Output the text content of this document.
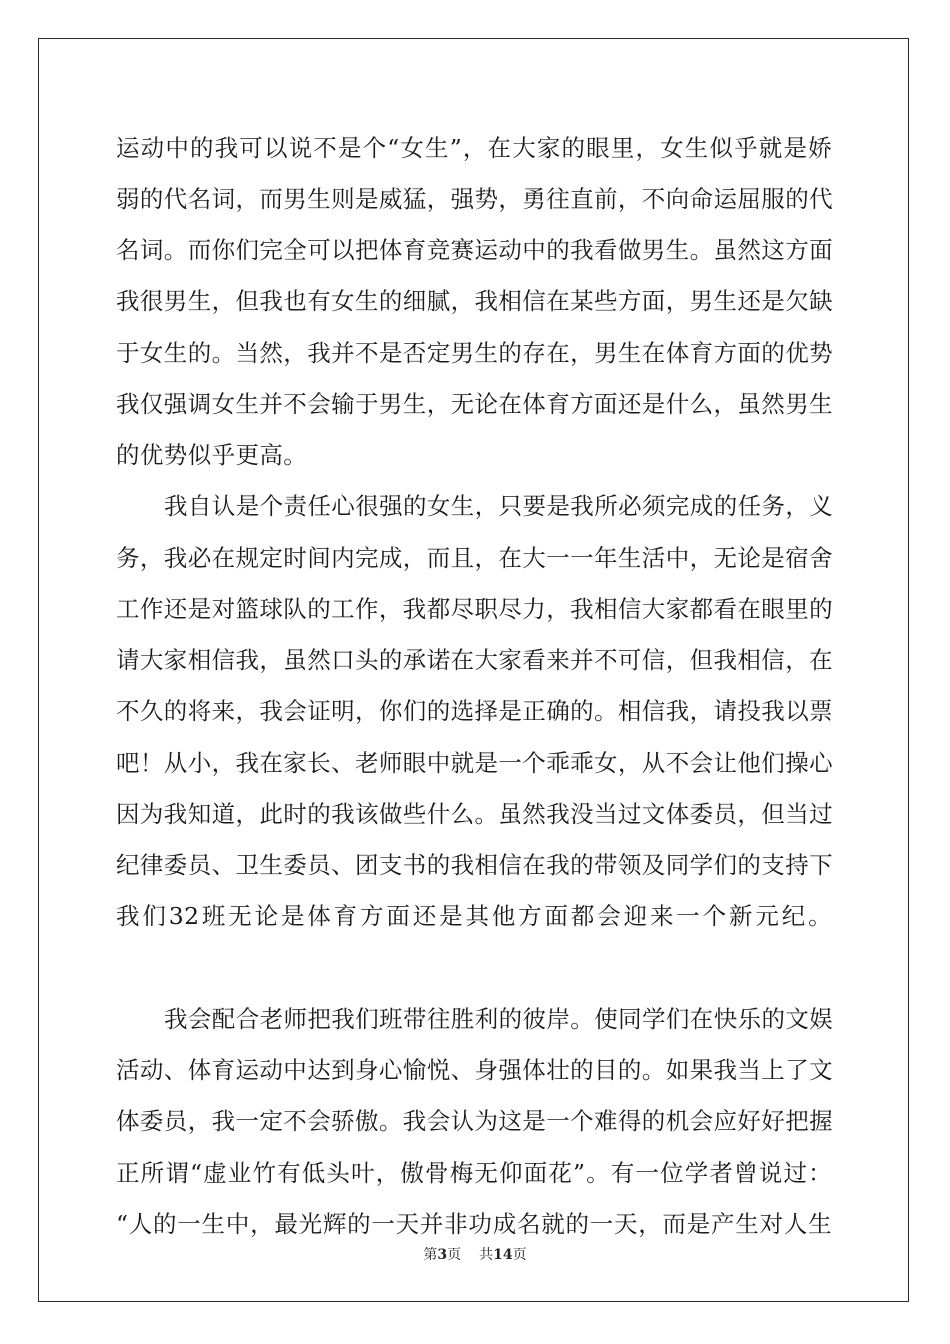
运动中的我可以说不是个“女生”，在大家的眼里，女生似乎就是娇

弱的代名词，而男生则是威猛，强势，勇往直前，不向命运屈服的代

名词。而你们完全可以把体育竞赛运动中的我看做男生。虽然这方面

我很男生，但我也有女生的细腻，我相信在某些方面，男生还是欠缺

于女生的。当然，我并不是否定男生的存在，男生在体育方面的优势

我仅强调女生并不会输于男生，无论在体育方面还是什么，虽然男生

的优势似乎更高。

我自认是个责任心很强的女生，只要是我所必须完成的任务，义

务，我必在规定时间内完成，而且，在大一一年生活中，无论是宿舍

工作还是对篮球队的工作，我都尽职尽力，我相信大家都看在眼里的

请大家相信我，虽然口头的承诺在大家看来并不可信，但我相信，在

不久的将来，我会证明，你们的选择是正确的。相信我，请投我以票

吧！从小，我在家长、老师眼中就是一个乖乖女，从不会让他们操心

因为我知道，此时的我该做些什么。虽然我没当过文体委员，但当过

纪律委员、卫生委员、团支书的我相信在我的带领及同学们的支持下

我们32班无论是体育方面还是其他方面都会迎来一个新元纪。

我会配合老师把我们班带往胜利的彼岸。使同学们在快乐的文娱

活动、体育运动中达到身心愉悦、身强体壮的目的。如果我当上了文

体委员，我一定不会骄傲。我会认为这是一个难得的机会应好好把握

正所谓“虚业竹有低头叶，傲骨梅无仰面花”。有一位学者曾说过：

“人的一生中，最光辉的一天并非功成名就的一天，而是产生对人生

第3页 共14页
